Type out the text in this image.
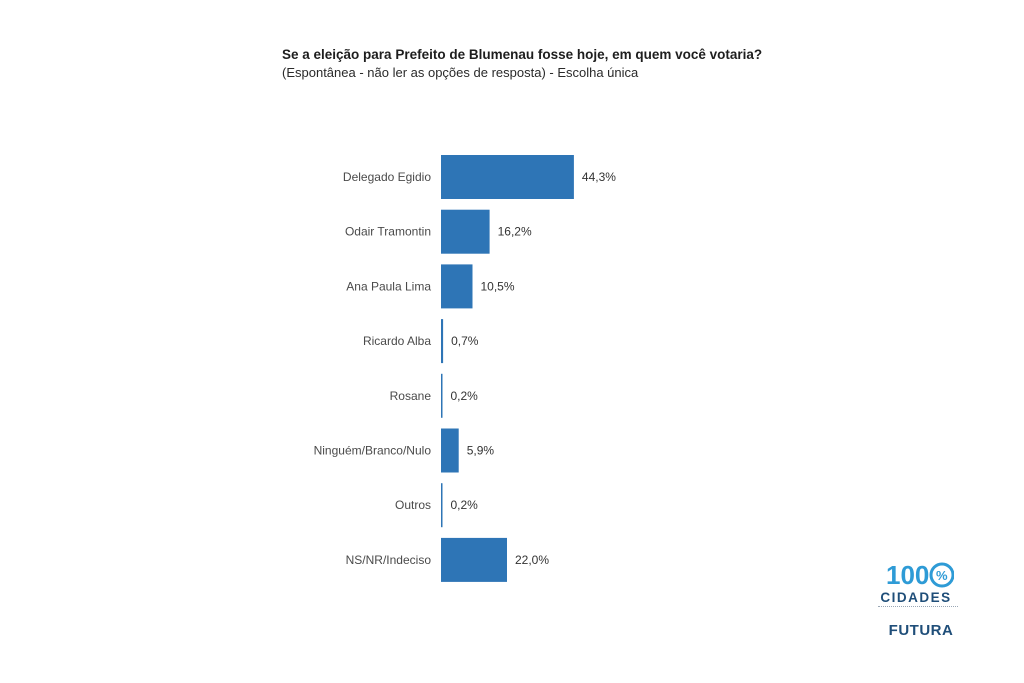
Se a eleição para Prefeito de Blumenau fosse hoje, em quem você votaria?

(Espontânea - não ler as opções de resposta) - Escolha única

Delegado Egidio	44,3%
Odair Tramontin	16,2%
Ana Paula Lima	10,5%
Ricardo Alba 0,7%
Rosane 0,2%
Ninguém/Branco/Nulo	5,9%
Outros 0,2%
NS/NR/Indeciso	22,0%
100 %
CIDADES
FUTURA
